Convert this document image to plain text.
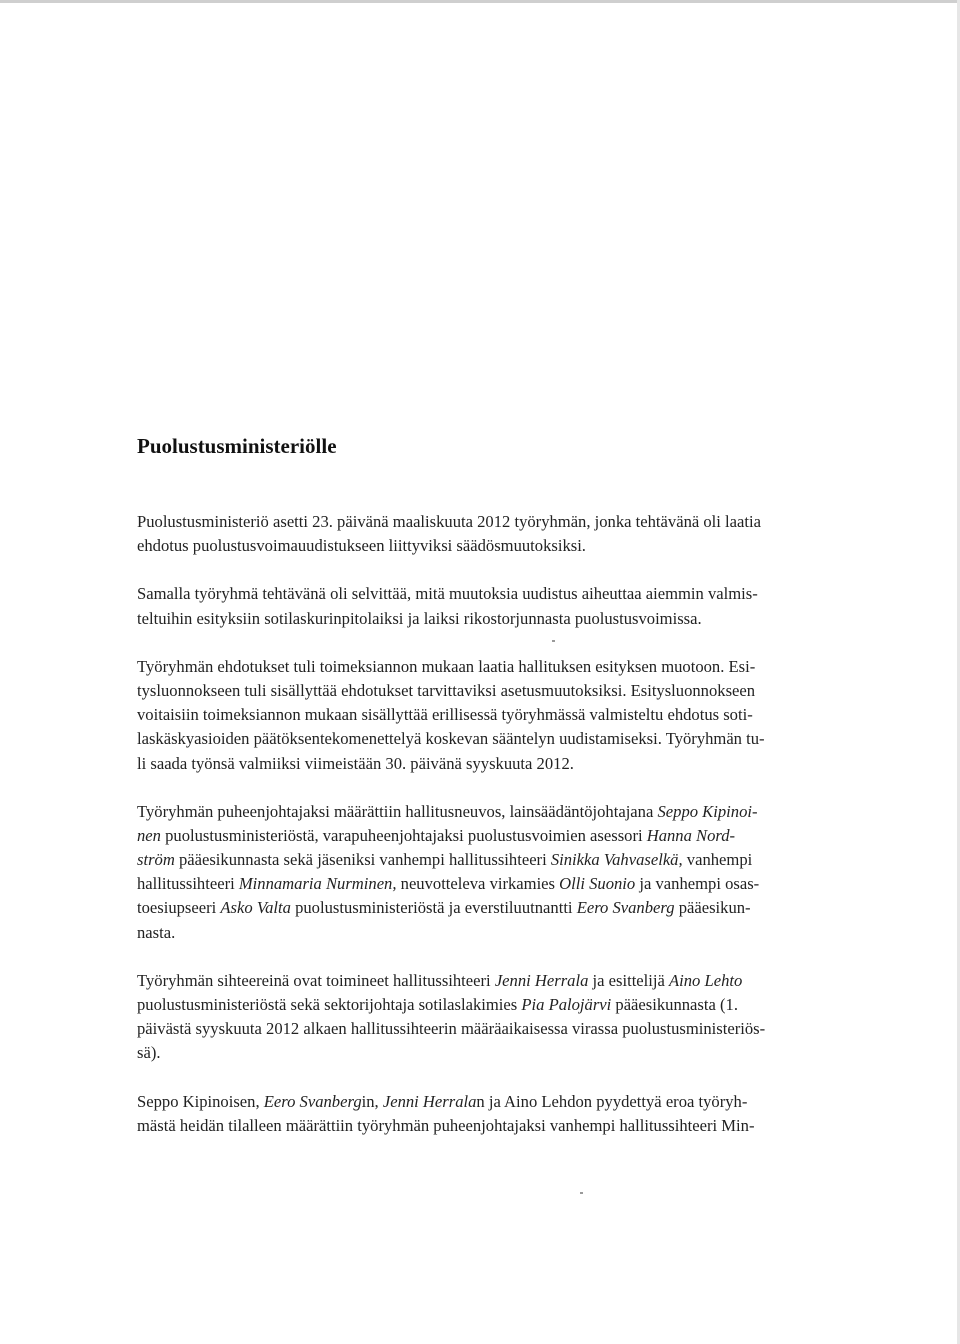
Puolustusministeriölle
Puolustusministeriö asetti 23. päivänä maaliskuuta 2012 työryhmän, jonka tehtävänä oli laatia
ehdotus puolustusvoimauudistukseen liittyviksi säädösmuutoksiksi.
Samalla työryhmä tehtävänä oli selvittää, mitä muutoksia uudistus aiheuttaa aiemmin valmis-
teltuihin esityksiin sotilaskurinpitolaiksi ja laiksi rikostorjunnasta puolustusvoimissa.
Työryhmän ehdotukset tuli toimeksiannon mukaan laatia hallituksen esityksen muotoon. Esi-
tysluonnokseen tuli sisällyttää ehdotukset tarvittaviksi asetusmuutoksiksi. Esitysluonnokseen
voitaisiin toimeksiannon mukaan sisällyttää erillisessä työryhmässä valmisteltu ehdotus soti-
laskäskyasioiden päätöksentekomenettelyä koskevan sääntelyn uudistamiseksi. Työryhmän tu-
li saada työnsä valmiiksi viimeistään 30. päivänä syyskuuta 2012.
Työryhmän puheenjohtajaksi määrättiin hallitusneuvos, lainsäädäntöjohtajana Seppo Kipinoi-
nen puolustusministeriöstä, varapuheenjohtajaksi puolustusvoimien asessori Hanna Nord-
ström pääesikunnasta sekä jäseniksi vanhempi hallitussihteeri Sinikka Vahvaselkä, vanhempi
hallitussihteeri Minnamaria Nurminen, neuvotteleva virkamies Olli Suonio ja vanhempi osas-
toesiupseeri Asko Valta puolustusministeriöstä ja everstiluutnantti Eero Svanberg pääesikun-
nasta.
Työryhmän sihteereinä ovat toimineet hallitussihteeri Jenni Herrala ja esittelijä Aino Lehto
puolustusministeriöstä sekä sektorijohtaja sotilaslakimies Pia Palojärvi pääesikunnasta (1.
päivästä syyskuuta 2012 alkaen hallitussihteerin määräaikaisessa virassa puolustusministeriös-
sä).
Seppo Kipinoisen, Eero Svanbergin, Jenni Herralan ja Aino Lehdon pyydettyä eroa työryh-
mästä heidän tilalleen määrättiin työryhmän puheenjohtajaksi vanhempi hallitussihteeri Min-
